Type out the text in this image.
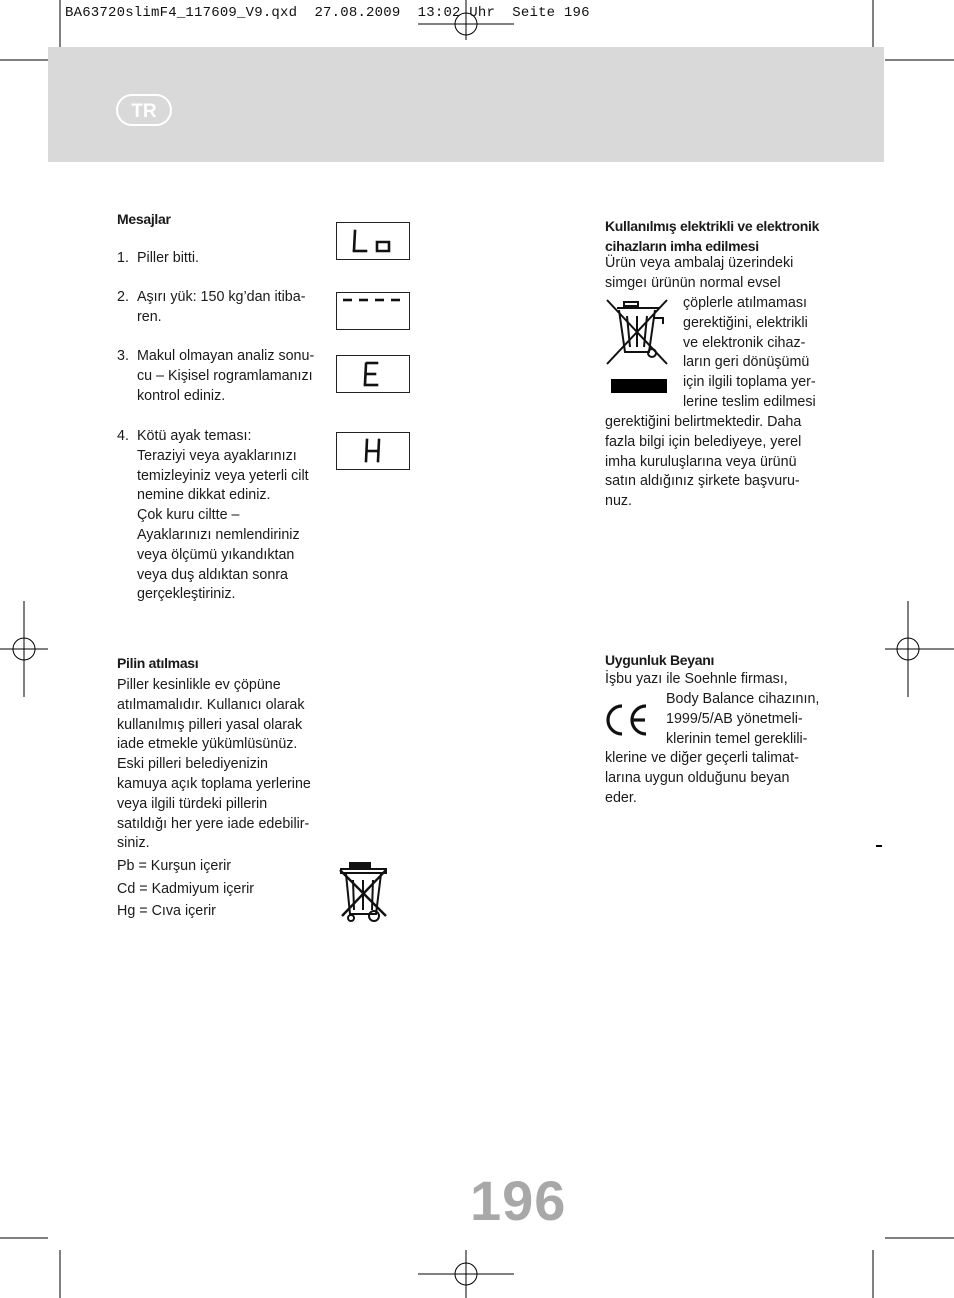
BA63720slimF4_117609_V9.qxd  27.08.2009  13:02 Uhr  Seite 196
TR
Mesajlar
1. Piller bitti.
2. Aşırı yük: 150 kg’dan itiba-
ren.
3. Makul olmayan analiz sonu-
cu – Kişisel rogramlamanızı
kontrol ediniz.
4. Kötü ayak teması:
Teraziyi veya ayaklarınızı
temizleyiniz veya yeterli cilt
nemine dikkat ediniz.
Çok kuru ciltte –
Ayaklarınızı nemlendiriniz
veya ölçümü yıkandıktan
veya duş aldıktan sonra
gerçekleştiriniz.
Pilin atılması
Piller kesinlikle ev çöpüne
atılmamalıdır. Kullanıcı olarak
kullanılmış pilleri yasal olarak
iade etmekle yükümlüsünüz.
Eski pilleri belediyenizin
kamuya açık toplama yerlerine
veya ilgili türdeki pillerin
satıldığı her yere iade edebilir-
siniz.
Pb = Kurşun içerir
Cd = Kadmiyum içerir
Hg = Cıva içerir
Kullanılmış elektrikli ve elektronik
cihazların imha edilmesi
Ürün veya ambalaj üzerindeki
simgeı ürünün normal evsel
çöplerle atılmaması
gerektiğini, elektrikli
ve elektronik cihaz-
ların geri dönüşümü
için ilgili toplama yer-
lerine teslim edilmesi
gerektiğini belirtmektedir. Daha
fazla bilgi için belediyeye, yerel
imha kuruluşlarına veya ürünü
satın aldığınız şirkete başvuru-
nuz.
Uygunluk Beyanı
İşbu yazı ile Soehnle firması,
Body Balance cihazının,
1999/5/AB yönetmeli-
klerinin temel gereklili-
klerine ve diğer geçerli talimat-
larına uygun olduğunu beyan
eder.
196
